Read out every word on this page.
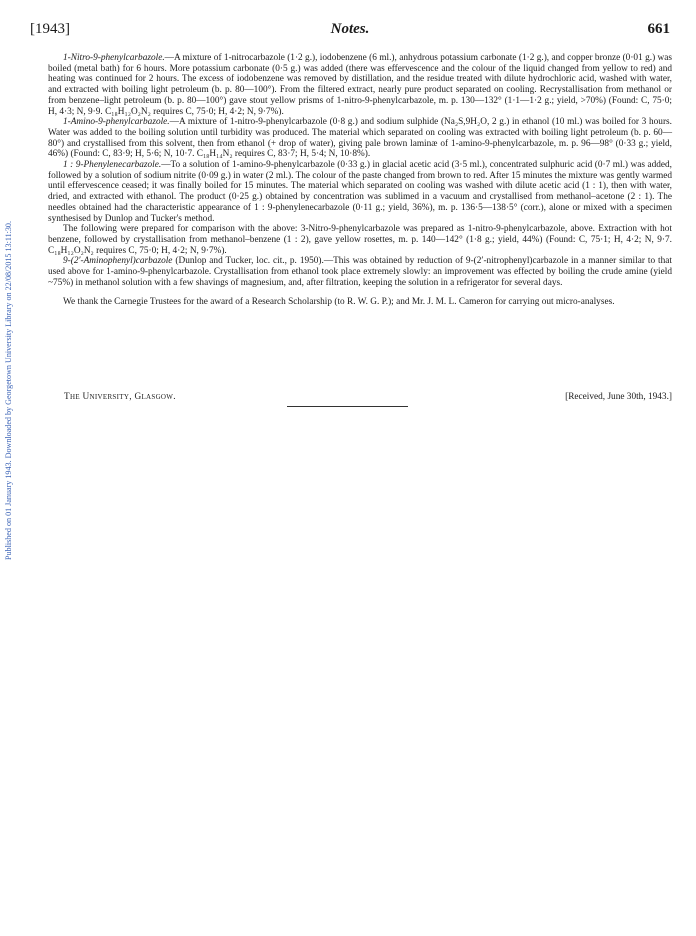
Published on 01 January 1943. Downloaded by Georgetown University Library on 22/08/2015 13:11:30.
[1943]	Notes.	661

1-Nitro-9-phenylcarbazole.—A mixture of 1-nitrocarbazole (1·2 g.), iodobenzene (6 ml.), anhydrous potassium carbonate (1·2 g.), and copper bronze (0·01 g.) was boiled (metal bath) for 6 hours. More potassium carbonate (0·5 g.) was added (there was effervescence and the colour of the liquid changed from yellow to red) and heating was continued for 2 hours. The excess of iodobenzene was removed by distillation, and the residue treated with dilute hydrochloric acid, washed with water, and extracted with boiling light petroleum (b. p. 80—100°). From the filtered extract, nearly pure product separated on cooling. Recrystallisation from methanol or from benzene–light petroleum (b. p. 80—100°) gave stout yellow prisms of 1-nitro-9-phenylcarbazole, m. p. 130—132° (1·1—1·2 g.; yield, >70%) (Found: C, 75·0; H, 4·3; N, 9·9. C₁₈H₁₂O₂N₂ requires C, 75·0; H, 4·2; N, 9·7%).

1-Amino-9-phenylcarbazole.—A mixture of 1-nitro-9-phenylcarbazole (0·8 g.) and sodium sulphide (Na₂S,9H₂O, 2 g.) in ethanol (10 ml.) was boiled for 3 hours. Water was added to the boiling solution until turbidity was produced. The material which separated on cooling was extracted with boiling light petroleum (b. p. 60—80°) and crystallised from this solvent, then from ethanol (+ drop of water), giving pale brown laminæ of 1-amino-9-phenylcarbazole, m. p. 96—98° (0·33 g.; yield, 46%) (Found: C, 83·9; H, 5·6; N, 10·7. C₁₈H₁₄N₂ requires C, 83·7; H, 5·4; N, 10·8%).

1 : 9-Phenylenecarbazole.—To a solution of 1-amino-9-phenylcarbazole (0·33 g.) in glacial acetic acid (3·5 ml.), concentrated sulphuric acid (0·7 ml.) was added, followed by a solution of sodium nitrite (0·09 g.) in water (2 ml.). The colour of the paste changed from brown to red. After 15 minutes the mixture was gently warmed until effervescence ceased; it was finally boiled for 15 minutes. The material which separated on cooling was washed with dilute acetic acid (1 : 1), then with water, dried, and extracted with ethanol. The product (0·25 g.) obtained by concentration was sublimed in a vacuum and crystallised from methanol–acetone (2 : 1). The needles obtained had the characteristic appearance of 1 : 9-phenylenecarbazole (0·11 g.; yield, 36%), m. p. 136·5—138·5° (corr.), alone or mixed with a specimen synthesised by Dunlop and Tucker's method.

The following were prepared for comparison with the above: 3-Nitro-9-phenylcarbazole was prepared as 1-nitro-9-phenylcarbazole, above. Extraction with hot benzene, followed by crystallisation from methanol–benzene (1 : 2), gave yellow rosettes, m. p. 140—142° (1·8 g.; yield, 44%) (Found: C, 75·1; H, 4·2; N, 9·7. C₁₈H₁₂O₂N₂ requires C, 75·0; H, 4·2; N, 9·7%).

9-(2′-Aminophenyl)carbazole (Dunlop and Tucker, loc. cit., p. 1950).—This was obtained by reduction of 9-(2′-nitrophenyl)carbazole in a manner similar to that used above for 1-amino-9-phenylcarbazole. Crystallisation from ethanol took place extremely slowly: an improvement was effected by boiling the crude amine (yield ~75%) in methanol solution with a few shavings of magnesium, and, after filtration, keeping the solution in a refrigerator for several days.

We thank the Carnegie Trustees for the award of a Research Scholarship (to R. W. G. P.); and Mr. J. M. L. Cameron for carrying out micro-analyses.

The University, Glasgow.	[Received, June 30th, 1943.]
